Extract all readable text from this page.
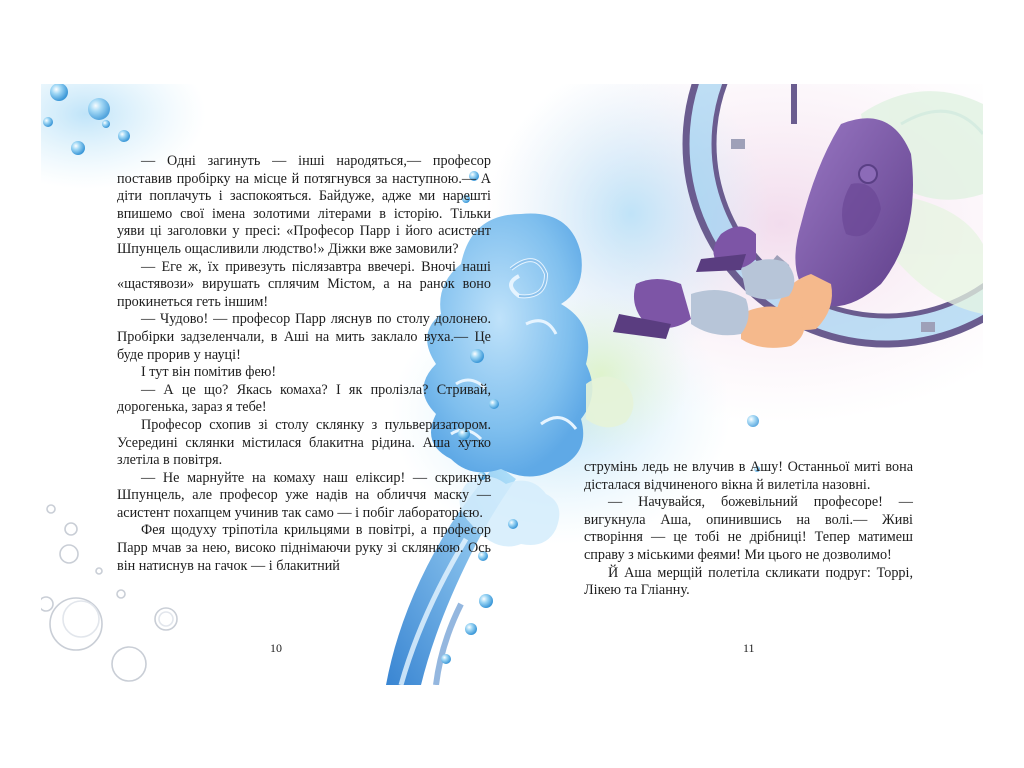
— Одні загинуть — інші народяться,— професор поставив пробірку на місце й потягнувся за наступною.— А діти поплачуть і заспокояться. Байдуже, адже ми нарешті впишемо свої імена золотими літерами в історію. Тільки уяви ці заголовки у пресі: «Професор Парр і його асистент Шпунцель ощасливили людство!» Діжки вже замовили?

— Еге ж, їх привезуть післязавтра ввечері. Вночі наші «щастявози» вирушать сплячим Містом, а на ранок воно прокинеться геть іншим!

— Чудово! — професор Парр ляснув по столу долонею. Пробірки задзеленчали, в Аші на мить заклало вуха.— Це буде прорив у науці!

І тут він помітив фею!

— А це що? Якась комаха? І як пролізла? Стривай, дорогенька, зараз я тебе!

Професор схопив зі столу склянку з пульверизатором. Усередині склянки містилася блакитна рідина. Аша хутко злетіла в повітря.

— Не марнуйте на комаху наш еліксир! — скрикнув Шпунцель, але професор уже надів на обличчя маску — асистент похапцем учинив так само — і побіг лабораторією.

Фея щодуху тріпотіла крильцями в повітрі, а професор Парр мчав за нею, високо піднімаючи руку зі склянкою. Ось він натиснув на гачок — і блакитний

струмінь ледь не влучив в Ашу! Останньої миті вона дісталася відчиненого вікна й вилетіла назовні.

— Начувайся, божевільний професоре! — вигукнула Аша, опинившись на волі.— Живі створіння — це тобі не дрібниці! Тепер матимеш справу з міськими феями! Ми цього не дозволимо!

Й Аша мерщій полетіла скликати подруг: Торрі, Лікею та Гліанну.

10	11
